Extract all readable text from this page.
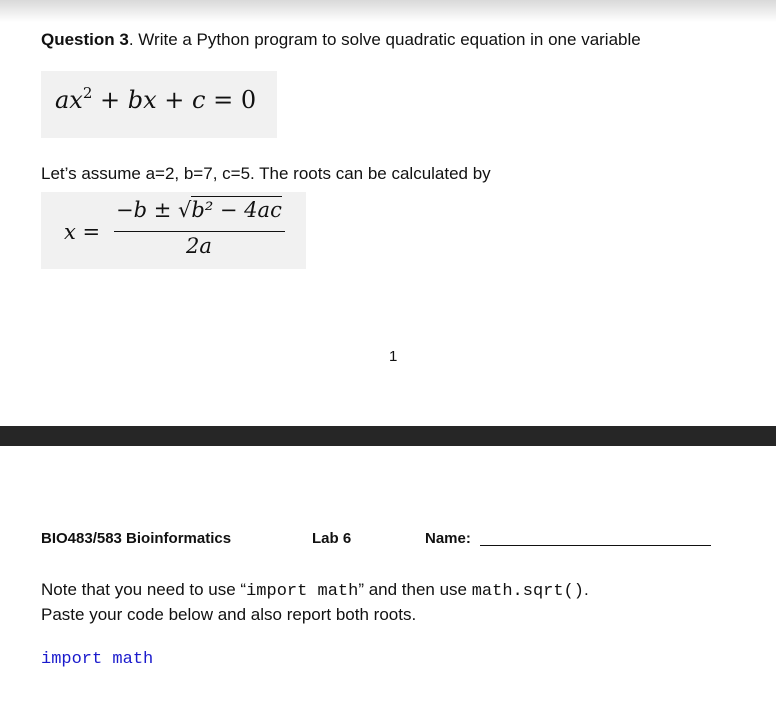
Question 3. Write a Python program to solve quadratic equation in one variable
$ax^2$ + bx + c = 0
Let’s assume a=2, b=7, c=5. The roots can be calculated by
x =
−b ± √b² − 4ac
2a
1
BIO483/583 Bioinformatics	Lab 6	Name:
Note that you need to use “import math” and then use math.sqrt().
Paste your code below and also report both roots.
import math
